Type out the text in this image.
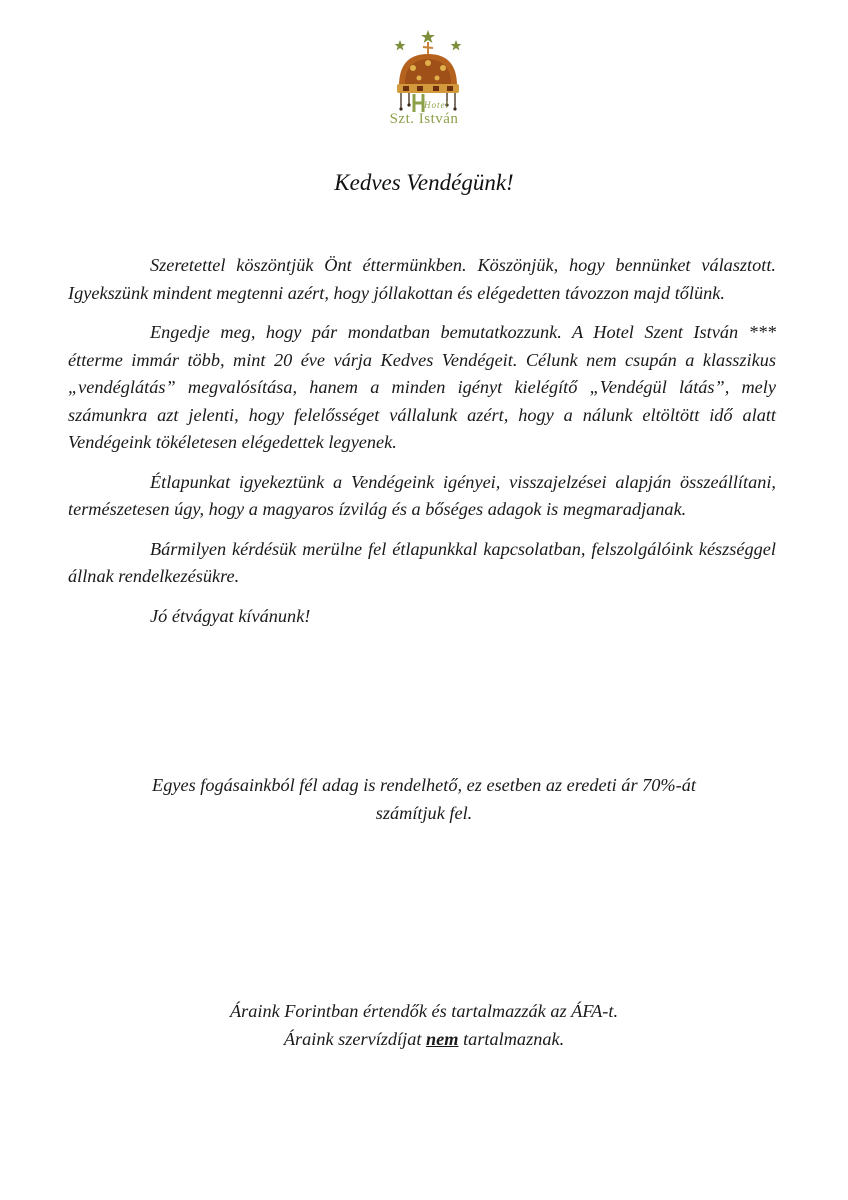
Hotel
Szt. István
Kedves Vendégünk!

Szeretettel köszöntjük Önt éttermünkben. Köszönjük, hogy bennünket választott. Igyekszünk mindent megtenni azért, hogy jóllakottan és elégedetten távozzon majd tőlünk.

Engedje meg, hogy pár mondatban bemutatkozzunk. A Hotel Szent István *** étterme immár több, mint 20 éve várja Kedves Vendégeit. Célunk nem csupán a klasszikus „vendéglátás” megvalósítása, hanem a minden igényt kielégítő „Vendégül látás”, mely számunkra azt jelenti, hogy felelősséget vállalunk azért, hogy a nálunk eltöltött idő alatt Vendégeink tökéletesen elégedettek legyenek.

Étlapunkat igyekeztünk a Vendégeink igényei, visszajelzései alapján összeállítani, természetesen úgy, hogy a magyaros ízvilág és a bőséges adagok is megmaradjanak.

Bármilyen kérdésük merülne fel étlapunkkal kapcsolatban, felszolgálóink készséggel állnak rendelkezésükre.

Jó étvágyat kívánunk!

Egyes fogásainkból fél adag is rendelhető, ez esetben az eredeti ár 70%-át
számítjuk fel.
Áraink Forintban értendők és tartalmazzák az ÁFA-t.
Áraink szervízdíjat nem tartalmaznak.
